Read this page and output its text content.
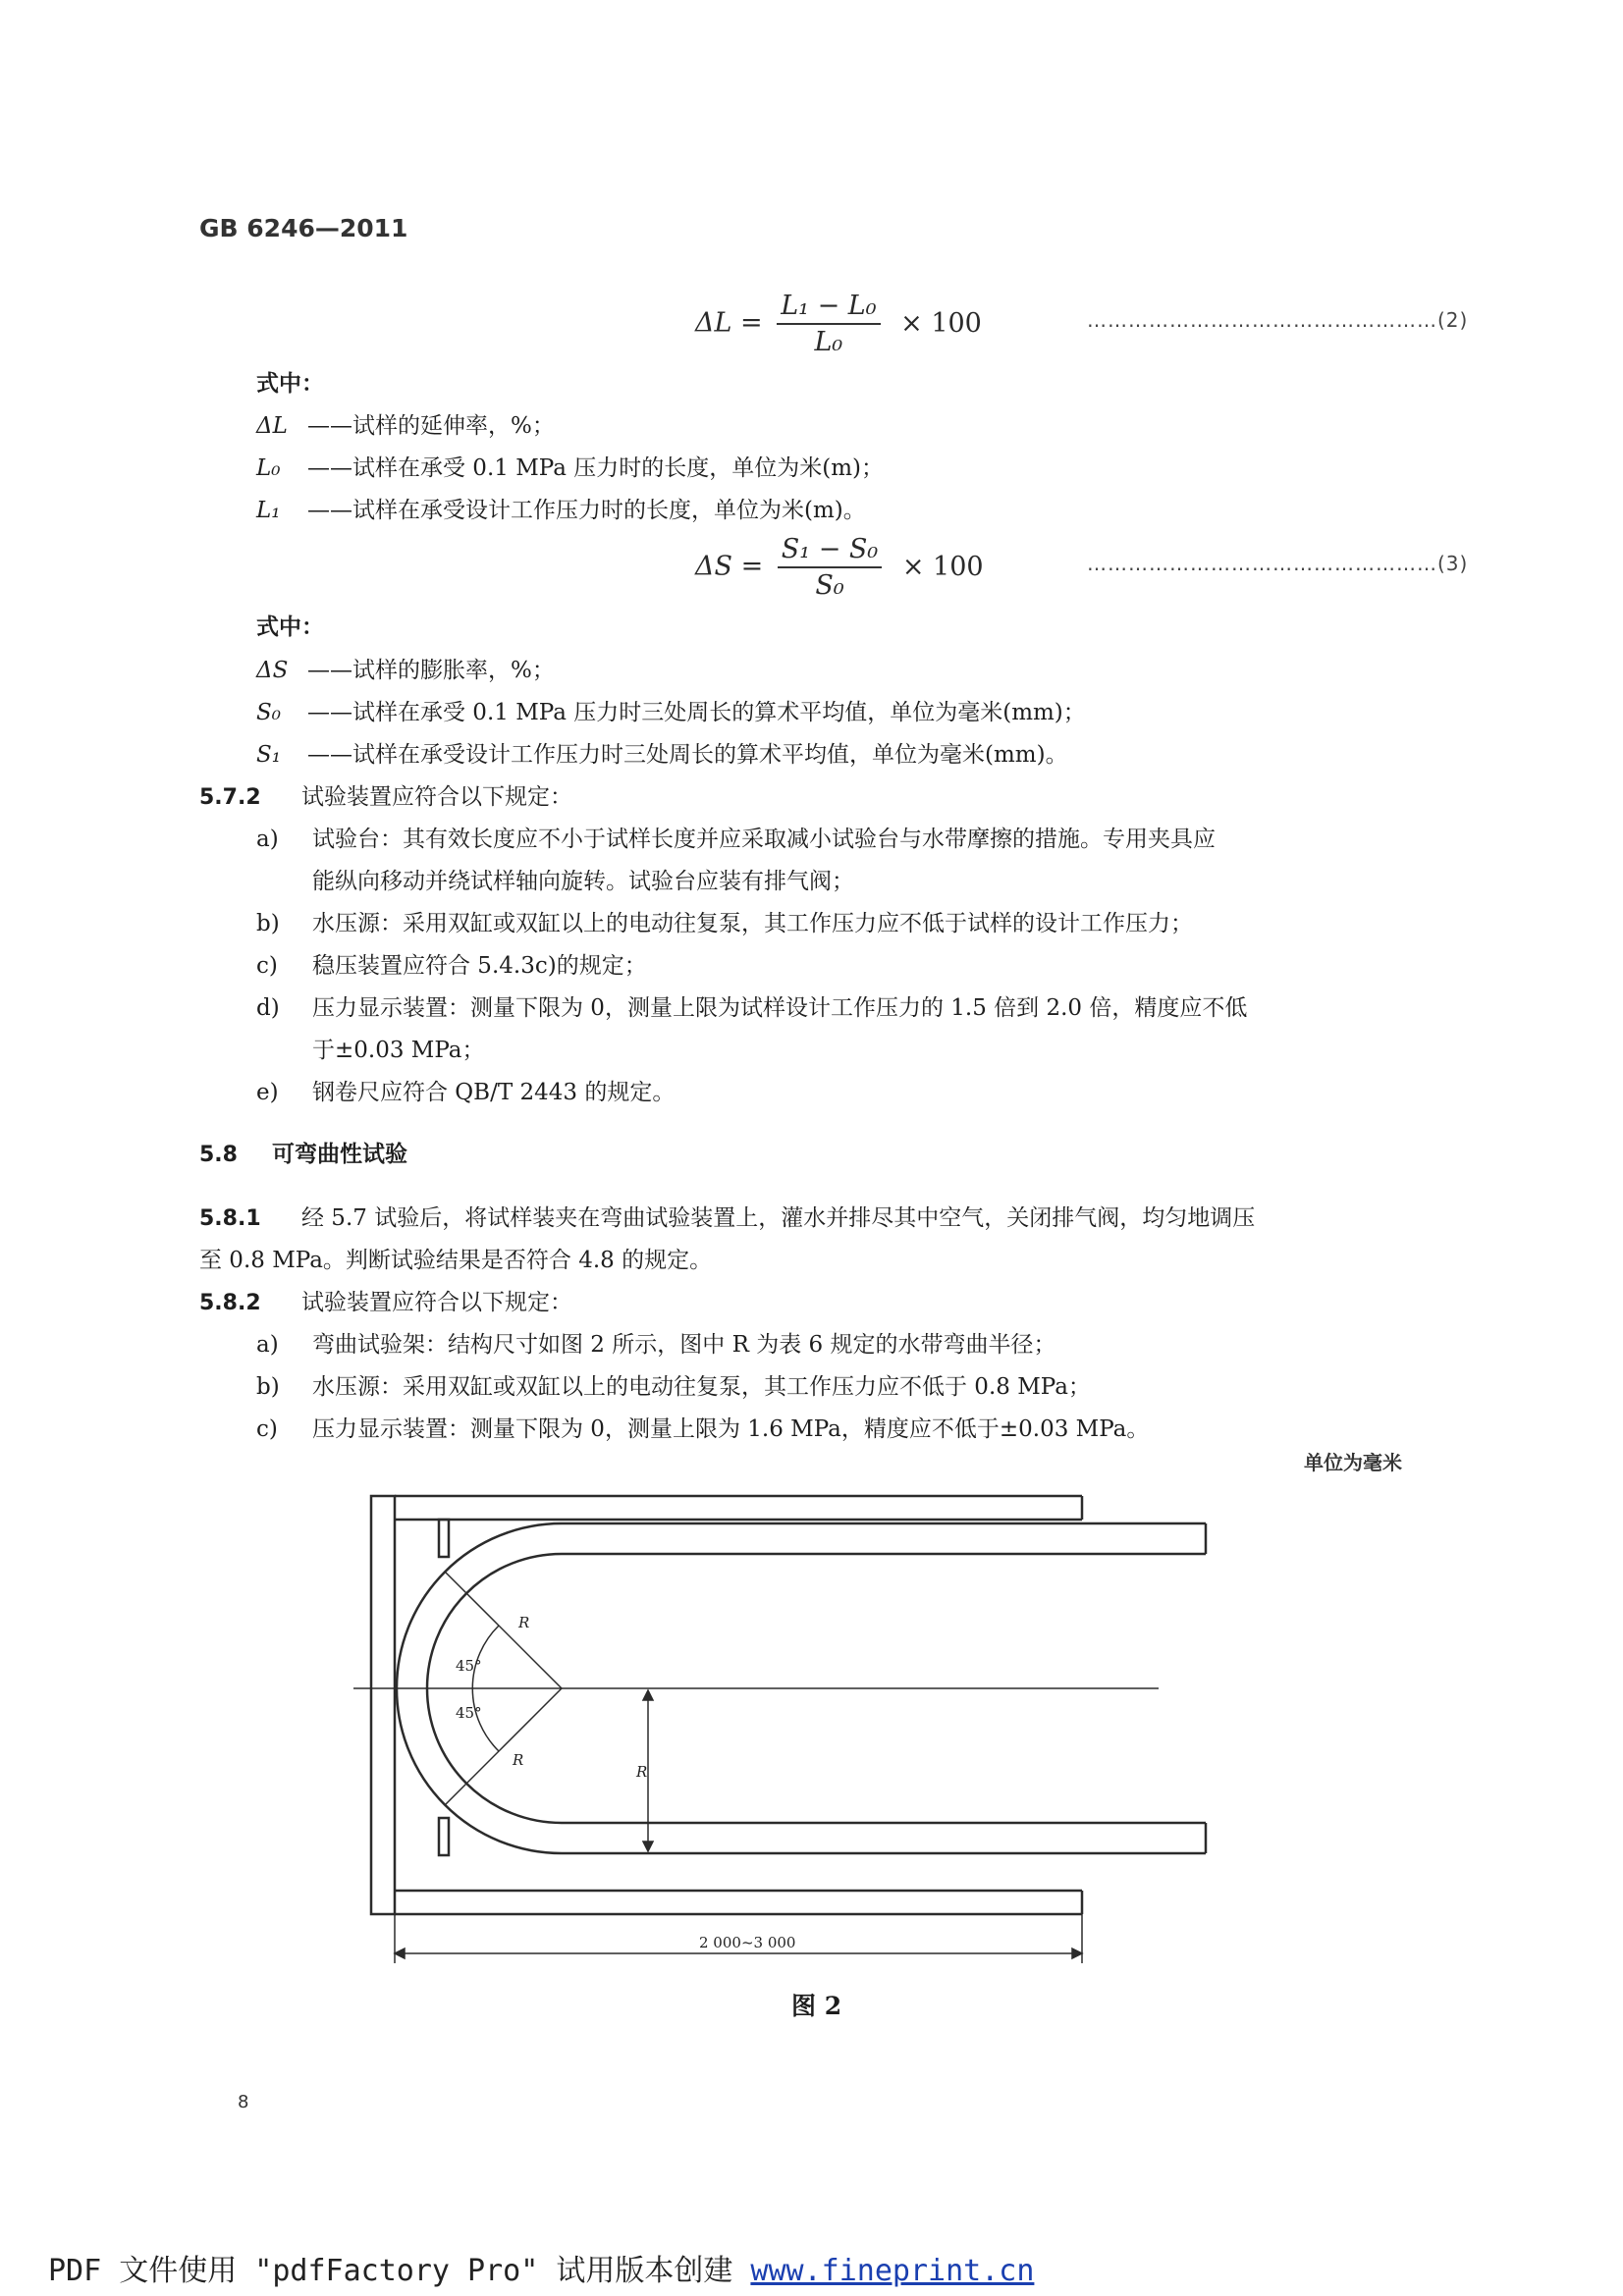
GB 6246—2011
$\Delta L = \frac{\text{L₁ − L₀}}{\text{L₀}} \times 100$	……………………………………………(2)
式中：
ΔL ——试样的延伸率，%；
L₀ ——试样在承受 0.1 MPa 压力时的长度，单位为米(m)；
L₁ ——试样在承受设计工作压力时的长度，单位为米(m)。
$\Delta S = \frac{\text{S₁ − S₀}}{\text{S₀}} \times 100$	……………………………………………(3)
式中：
ΔS ——试样的膨胀率，%；
S₀ ——试样在承受 0.1 MPa 压力时三处周长的算术平均值，单位为毫米(mm)；
S₁ ——试样在承受设计工作压力时三处周长的算术平均值，单位为毫米(mm)。
5.7.2 试验装置应符合以下规定：
a) 试验台：其有效长度应不小于试样长度并应采取减小试验台与水带摩擦的措施。专用夹具应
能纵向移动并绕试样轴向旋转。试验台应装有排气阀；
b) 水压源：采用双缸或双缸以上的电动往复泵，其工作压力应不低于试样的设计工作压力；
c) 稳压装置应符合 5.4.3c)的规定；
d) 压力显示装置：测量下限为 0，测量上限为试样设计工作压力的 1.5 倍到 2.0 倍，精度应不低
于±0.03 MPa；
e) 钢卷尺应符合 QB/T 2443 的规定。
5.8 可弯曲性试验
5.8.1 经 5.7 试验后，将试样装夹在弯曲试验装置上，灌水并排尽其中空气，关闭排气阀，均匀地调压
至 0.8 MPa。判断试验结果是否符合 4.8 的规定。
5.8.2 试验装置应符合以下规定：
a) 弯曲试验架：结构尺寸如图 2 所示，图中 R 为表 6 规定的水带弯曲半径；
b) 水压源：采用双缸或双缸以上的电动往复泵，其工作压力应不低于 0.8 MPa；
c) 压力显示装置：测量下限为 0，测量上限为 1.6 MPa，精度应不低于±0.03 MPa。
单位为毫米
45°
45°
R
R
R
2 000~3 000
图 2
8
PDF 文件使用 "pdfFactory Pro" 试用版本创建 www.fineprint.cn
